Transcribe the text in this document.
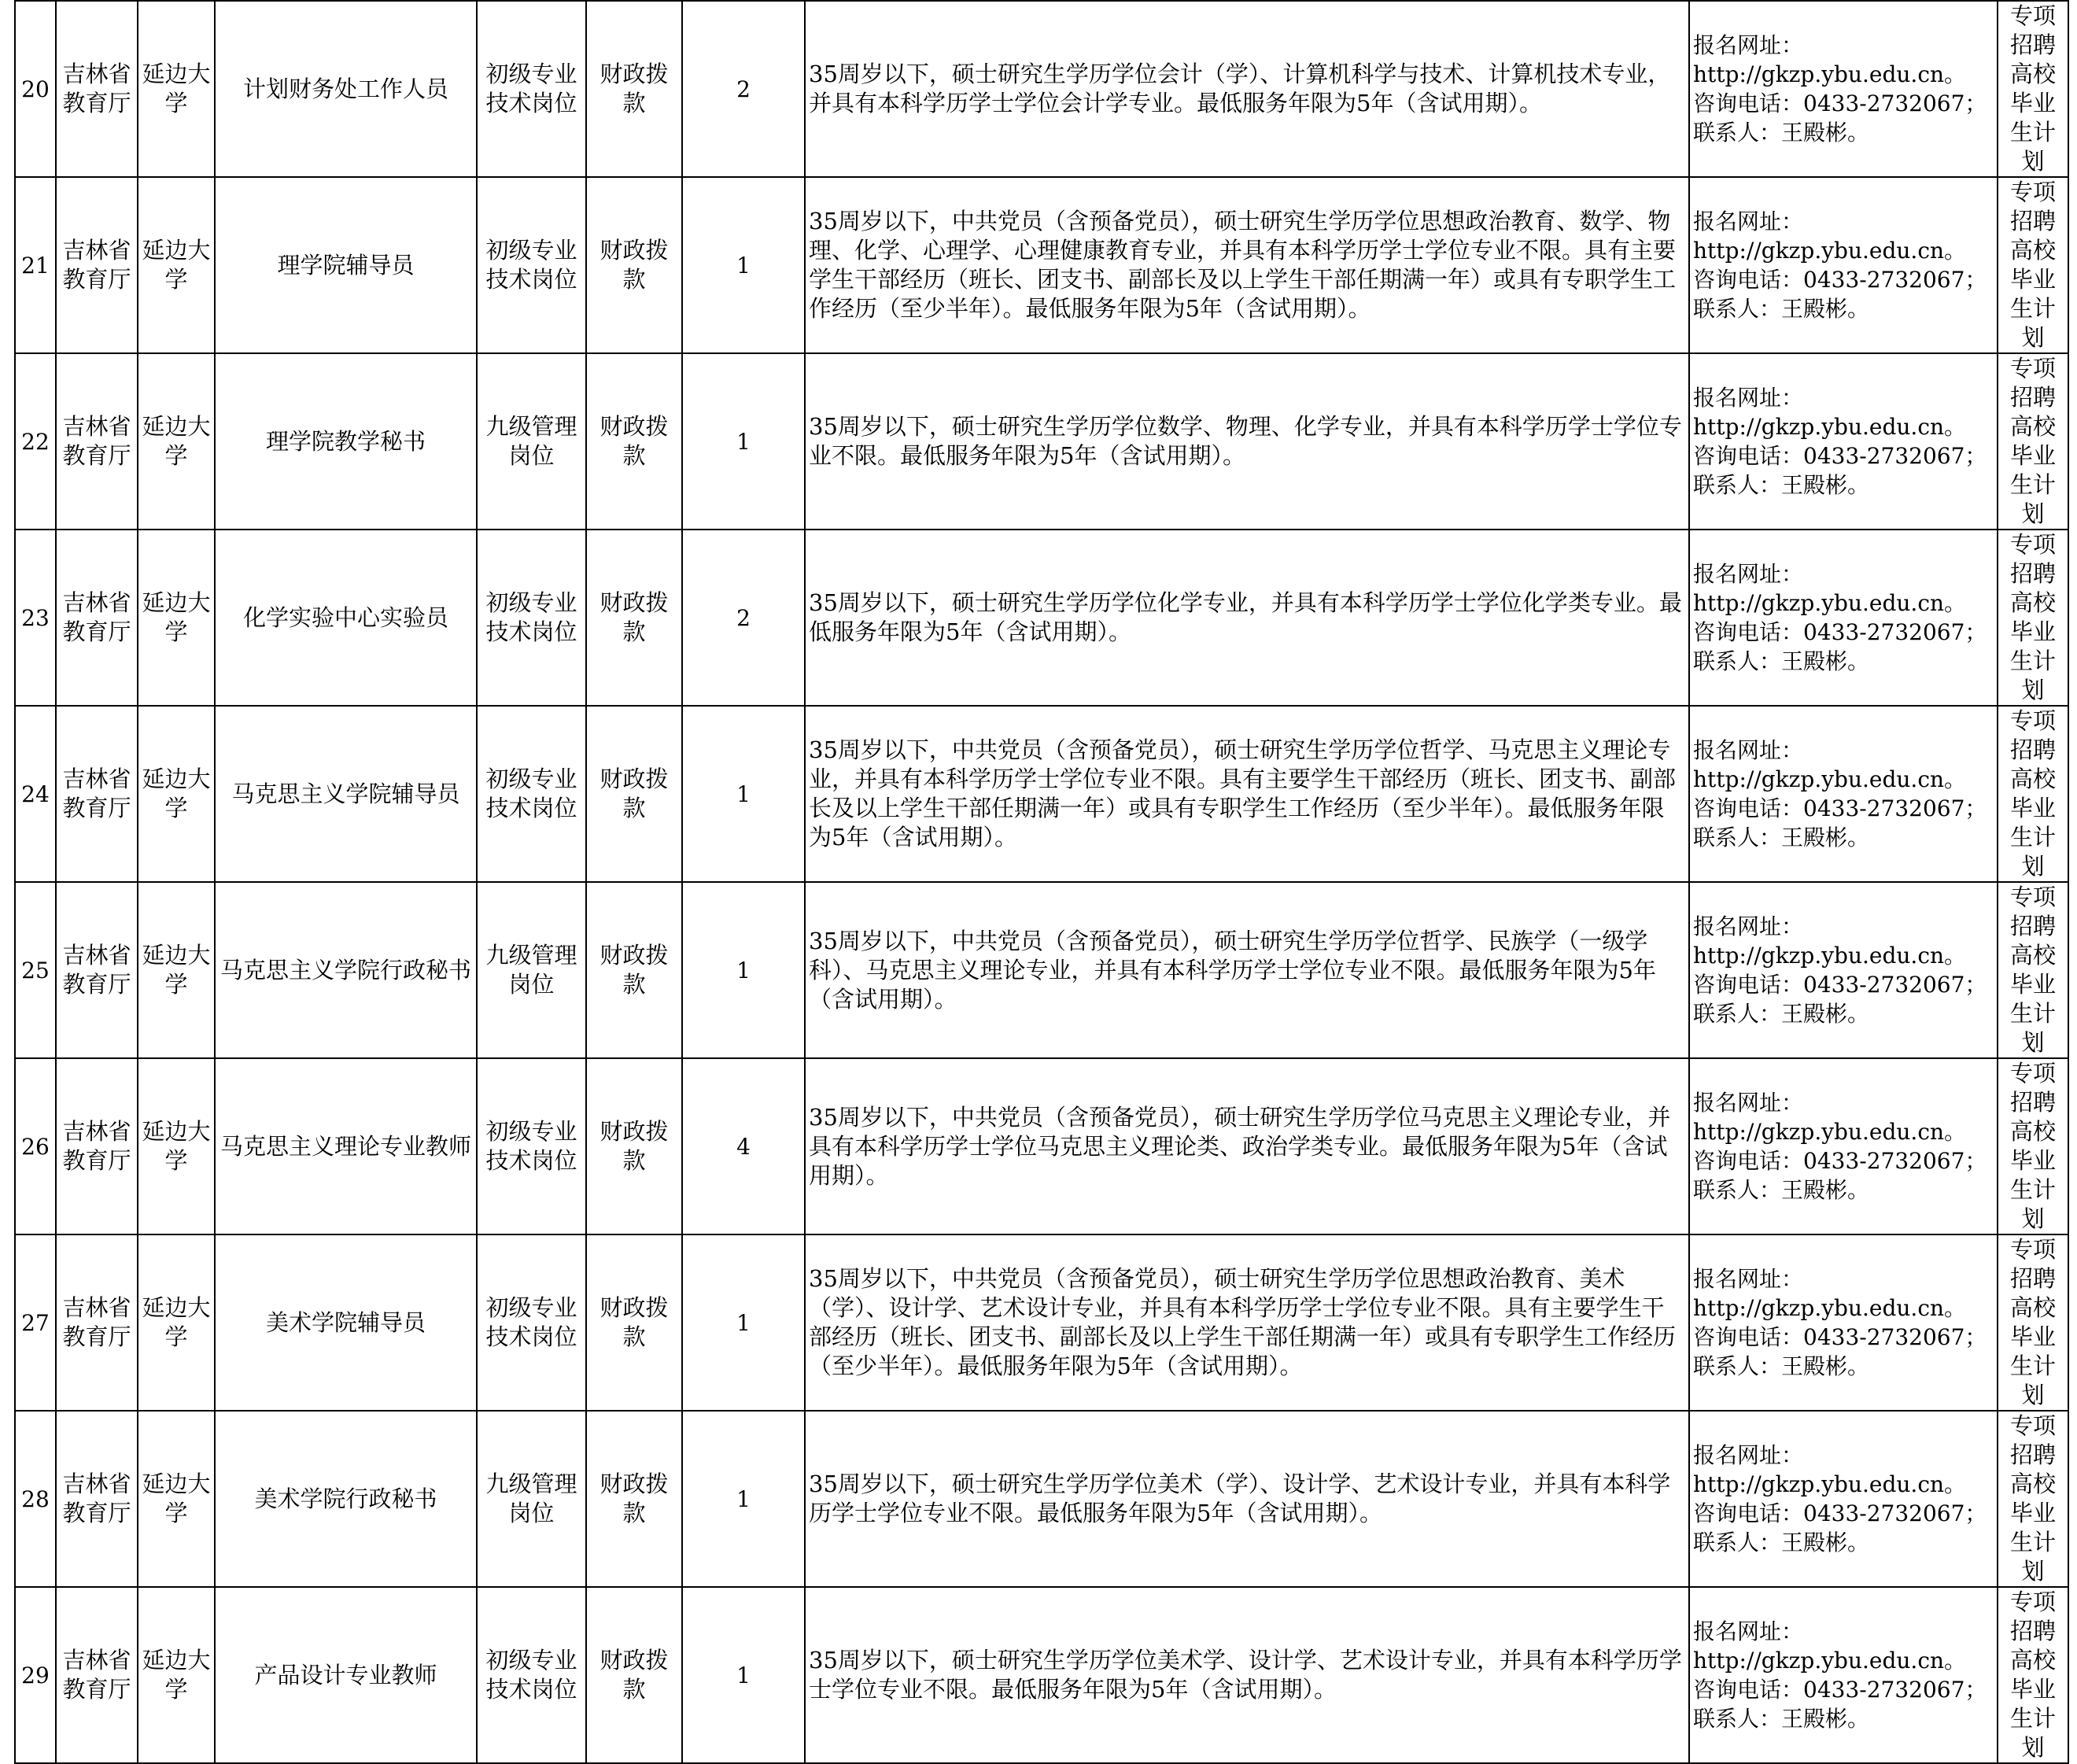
20	吉林省教育厅	延边大学	计划财务处工作人员	初级专业技术岗位	财政拨款	2	35周岁以下，硕士研究生学历学位会计（学）、计算机科学与技术、计算机技术专业，并具有本科学历学士学位会计学专业。最低服务年限为5年（含试用期）。	报名网址：
http://gkzp.ybu.edu.cn。
咨询电话：0433-2732067；
联系人：王殿彬。	专项招聘高校毕业生计划
21	吉林省教育厅	延边大学	理学院辅导员	初级专业技术岗位	财政拨款	1	35周岁以下，中共党员（含预备党员），硕士研究生学历学位思想政治教育、数学、物理、化学、心理学、心理健康教育专业，并具有本科学历学士学位专业不限。具有主要学生干部经历（班长、团支书、副部长及以上学生干部任期满一年）或具有专职学生工作经历（至少半年）。最低服务年限为5年（含试用期）。	报名网址：
http://gkzp.ybu.edu.cn。
咨询电话：0433-2732067；
联系人：王殿彬。	专项招聘高校毕业生计划
22	吉林省教育厅	延边大学	理学院教学秘书	九级管理岗位	财政拨款	1	35周岁以下，硕士研究生学历学位数学、物理、化学专业，并具有本科学历学士学位专业不限。最低服务年限为5年（含试用期）。	报名网址：
http://gkzp.ybu.edu.cn。
咨询电话：0433-2732067；
联系人：王殿彬。	专项招聘高校毕业生计划
23	吉林省教育厅	延边大学	化学实验中心实验员	初级专业技术岗位	财政拨款	2	35周岁以下，硕士研究生学历学位化学专业，并具有本科学历学士学位化学类专业。最低服务年限为5年（含试用期）。	报名网址：
http://gkzp.ybu.edu.cn。
咨询电话：0433-2732067；
联系人：王殿彬。	专项招聘高校毕业生计划
24	吉林省教育厅	延边大学	马克思主义学院辅导员	初级专业技术岗位	财政拨款	1	35周岁以下，中共党员（含预备党员），硕士研究生学历学位哲学、马克思主义理论专业，并具有本科学历学士学位专业不限。具有主要学生干部经历（班长、团支书、副部长及以上学生干部任期满一年）或具有专职学生工作经历（至少半年）。最低服务年限为5年（含试用期）。	报名网址：
http://gkzp.ybu.edu.cn。
咨询电话：0433-2732067；
联系人：王殿彬。	专项招聘高校毕业生计划
25	吉林省教育厅	延边大学	马克思主义学院行政秘书	九级管理岗位	财政拨款	1	35周岁以下，中共党员（含预备党员），硕士研究生学历学位哲学、民族学（一级学科）、马克思主义理论专业，并具有本科学历学士学位专业不限。最低服务年限为5年（含试用期）。	报名网址：
http://gkzp.ybu.edu.cn。
咨询电话：0433-2732067；
联系人：王殿彬。	专项招聘高校毕业生计划
26	吉林省教育厅	延边大学	马克思主义理论专业教师	初级专业技术岗位	财政拨款	4	35周岁以下，中共党员（含预备党员），硕士研究生学历学位马克思主义理论专业，并具有本科学历学士学位马克思主义理论类、政治学类专业。最低服务年限为5年（含试用期）。	报名网址：
http://gkzp.ybu.edu.cn。
咨询电话：0433-2732067；
联系人：王殿彬。	专项招聘高校毕业生计划
27	吉林省教育厅	延边大学	美术学院辅导员	初级专业技术岗位	财政拨款	1	35周岁以下，中共党员（含预备党员），硕士研究生学历学位思想政治教育、美术（学）、设计学、艺术设计专业，并具有本科学历学士学位专业不限。具有主要学生干部经历（班长、团支书、副部长及以上学生干部任期满一年）或具有专职学生工作经历（至少半年）。最低服务年限为5年（含试用期）。	报名网址：
http://gkzp.ybu.edu.cn。
咨询电话：0433-2732067；
联系人：王殿彬。	专项招聘高校毕业生计划
28	吉林省教育厅	延边大学	美术学院行政秘书	九级管理岗位	财政拨款	1	35周岁以下，硕士研究生学历学位美术（学）、设计学、艺术设计专业，并具有本科学历学士学位专业不限。最低服务年限为5年（含试用期）。	报名网址：
http://gkzp.ybu.edu.cn。
咨询电话：0433-2732067；
联系人：王殿彬。	专项招聘高校毕业生计划
29	吉林省教育厅	延边大学	产品设计专业教师	初级专业技术岗位	财政拨款	1	35周岁以下，硕士研究生学历学位美术学、设计学、艺术设计专业，并具有本科学历学士学位专业不限。最低服务年限为5年（含试用期）。	报名网址：
http://gkzp.ybu.edu.cn。
咨询电话：0433-2732067；
联系人：王殿彬。	专项招聘高校毕业生计划
